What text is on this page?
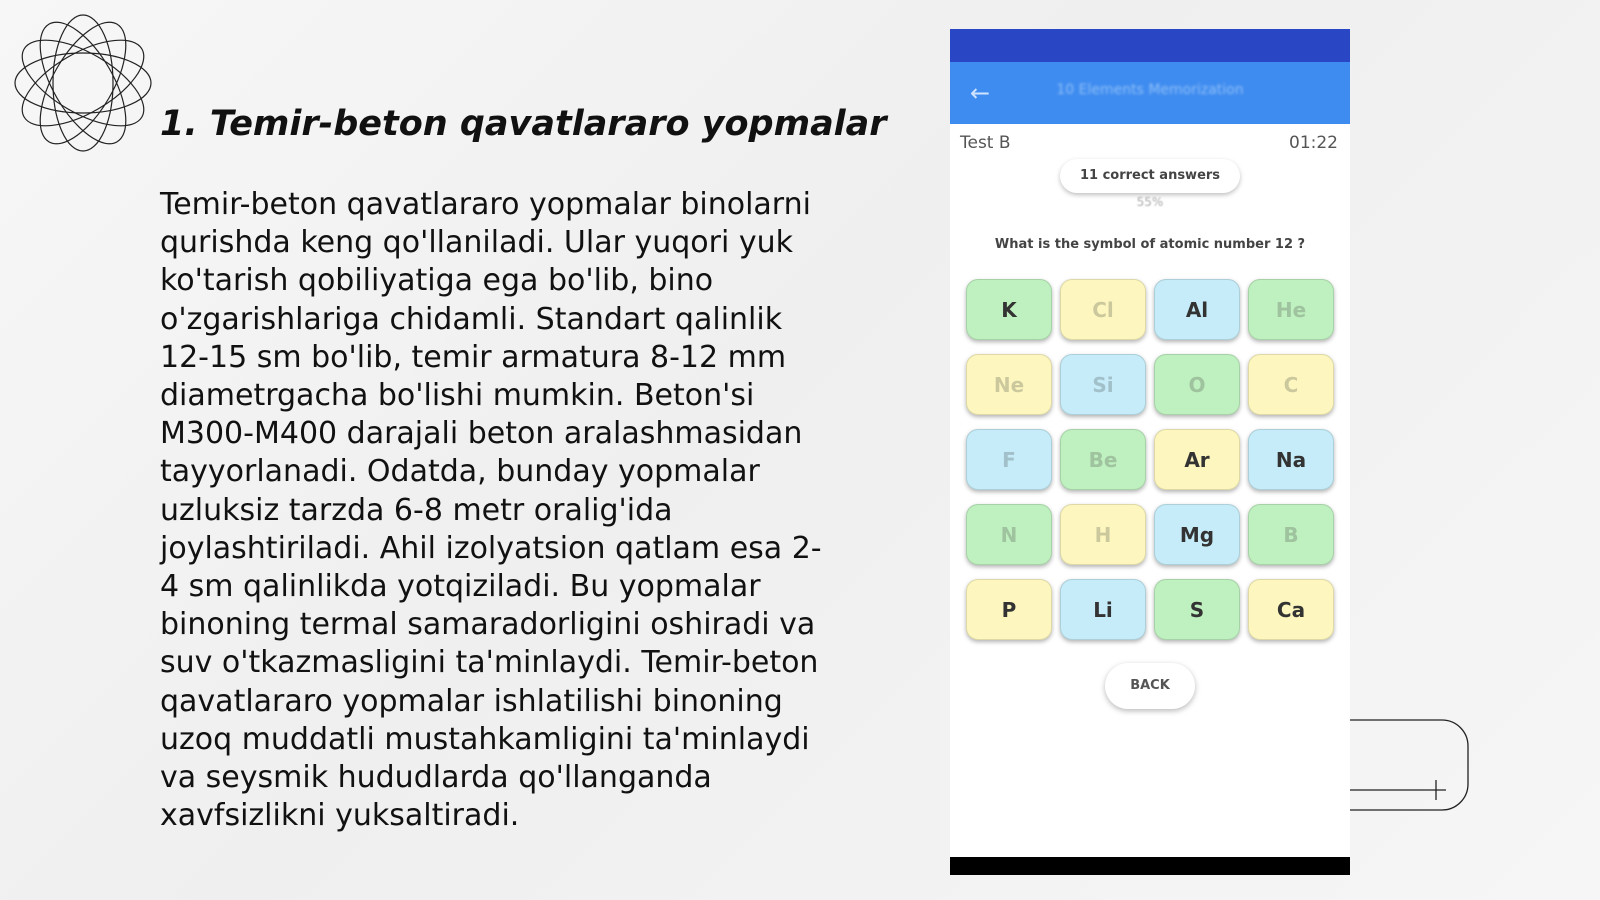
1. Temir-beton qavatlararo yopmalar

Temir-beton qavatlararo yopmalar binolarni qurishda keng qo'llaniladi. Ular yuqori yuk ko'tarish qobiliyatiga ega bo'lib, bino o'zgarishlariga chidamli. Standart qalinlik 12-15 sm bo'lib, temir armatura 8-12 mm diametrgacha bo'lishi mumkin. Beton'si M300-M400 darajali beton aralashmasidan tayyorlanadi. Odatda, bunday yopmalar uzluksiz tarzda 6-8 metr oralig'ida joylashtiriladi. Ahil izolyatsion qatlam esa 2-4 sm qalinlikda yotqiziladi. Bu yopmalar binoning termal samaradorligini oshiradi va suv o'tkazmasligini ta'minlaydi. Temir-beton qavatlararo yopmalar ishlatilishi binoning uzoq muddatli mustahkamligini ta'minlaydi va seysmik hududlarda qo'llanganda xavfsizlikni yuksaltiradi.

←	10 Elements Memorization
Test B	01:22
11 correct answers
55%
What is the symbol of atomic number 12 ?
K	Cl	Al	He
Ne	Si	O	C
F	Be	Ar	Na
N	H	Mg	B
P	Li	S	Ca
BACK
